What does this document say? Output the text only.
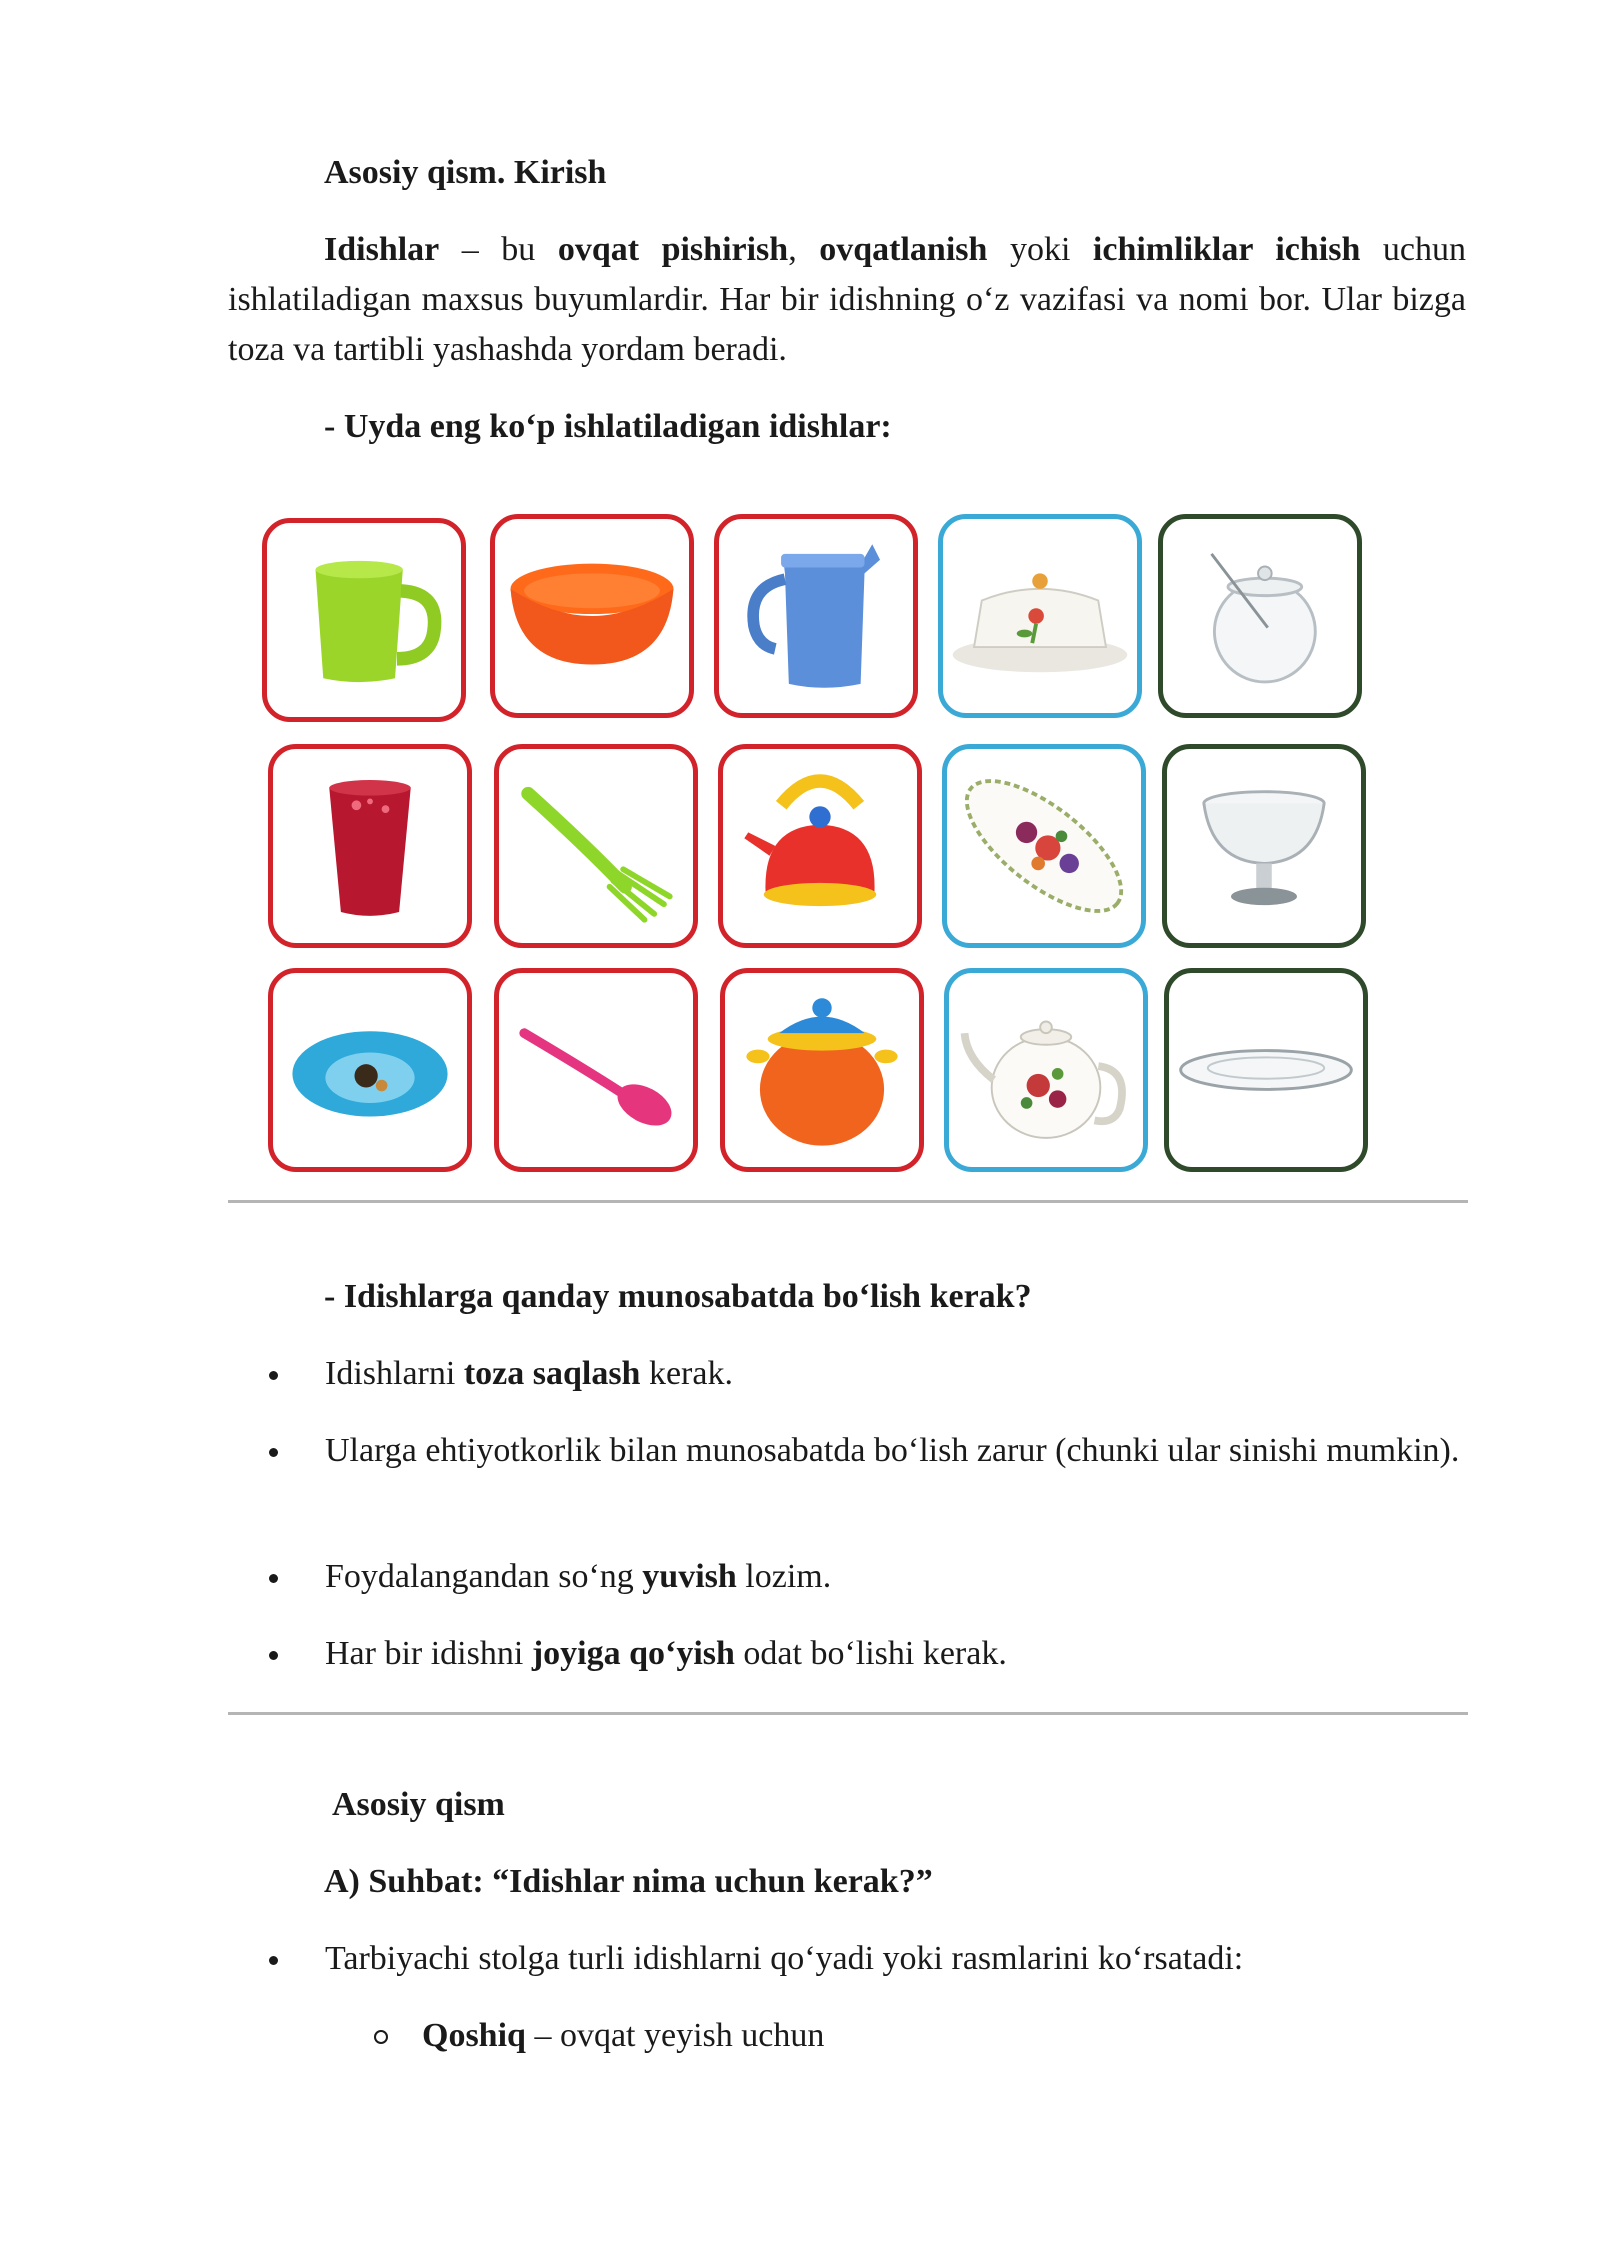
Asosiy qism. Kirish
Idishlar – bu ovqat pishirish, ovqatlanish yoki ichimliklar ichish uchun ishlatiladigan maxsus buyumlardir. Har bir idishning o‘z vazifasi va nomi bor. Ular bizga toza va tartibli yashashda yordam beradi.
- Uyda eng ko‘p ishlatiladigan idishlar:
- Idishlarga qanday munosabatda bo‘lish kerak?
Idishlarni toza saqlash kerak.
Ularga ehtiyotkorlik bilan munosabatda bo‘lish zarur (chunki ular sinishi mumkin).
Foydalangandan so‘ng yuvish lozim.
Har bir idishni joyiga qo‘yish odat bo‘lishi kerak.
Asosiy qism
A) Suhbat: “Idishlar nima uchun kerak?”
Tarbiyachi stolga turli idishlarni qo‘yadi yoki rasmlarini ko‘rsatadi:
Qoshiq – ovqat yeyish uchun
